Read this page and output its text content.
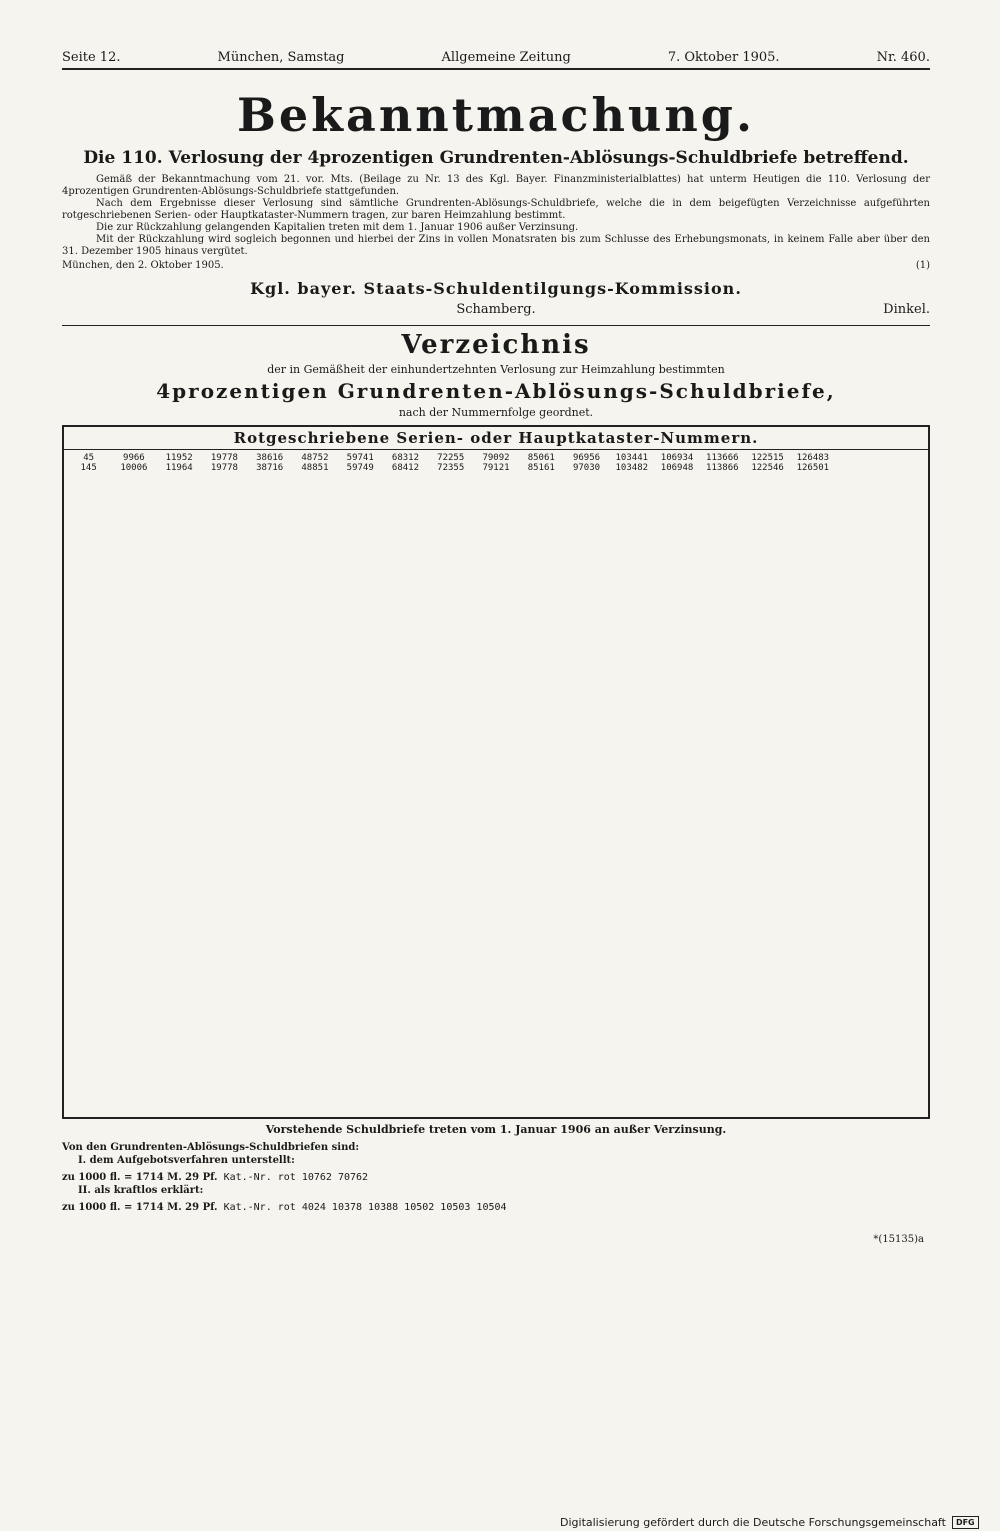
Seite 12.	München, Samstag	Allgemeine Zeitung	7. Oktober 1905.	Nr. 460.
Bekanntmachung.
Die 110. Verlosung der 4prozentigen Grundrenten-Ablösungs-Schuldbriefe betreffend.

Gemäß der Bekanntmachung vom 21. vor. Mts. (Beilage zu Nr. 13 des Kgl. Bayer. Finanzministerialblattes) hat unterm Heutigen die 110. Verlosung der 4prozentigen Grundrenten-Ablösungs-Schuldbriefe stattgefunden.

Nach dem Ergebnisse dieser Verlosung sind sämtliche Grundrenten-Ablösungs-Schuldbriefe, welche die in dem beigefügten Verzeichnisse aufgeführten rotgeschriebenen Serien- oder Hauptkataster-Nummern tragen, zur baren Heimzahlung bestimmt.

Die zur Rückzahlung gelangenden Kapitalien treten mit dem 1. Januar 1906 außer Verzinsung.

Mit der Rückzahlung wird sogleich begonnen und hierbei der Zins in vollen Monatsraten bis zum Schlusse des Erhebungsmonats, in keinem Falle aber über den 31. Dezember 1905 hinaus vergütet.

München, den 2. Oktober 1905.	(1)
Kgl. bayer. Staats-Schuldentilgungs-Kommission.
Schamberg.	Dinkel.
Verzeichnis
der in Gemäßheit der einhundertzehnten Verlosung zur Heimzahlung bestimmten
4prozentigen Grundrenten-Ablösungs-Schuldbriefe,
nach der Nummernfolge geordnet.
Rotgeschriebene Serien- oder Hauptkataster-Nummern.
45	9966	11952	19778	38616	48752	59741	68312	72255	79092	85061	96956	103441	106934	113666	122515	126483
145	10006	11964	19778	38716	48851	59749	68412	72355	79121	85161	97030	103482	106948	113866	122546	126501
Vorstehende Schuldbriefe treten vom 1. Januar 1906 an außer Verzinsung.
Von den Grundrenten-Ablösungs-Schuldbriefen sind:
I. dem Aufgebotsverfahren unterstellt:
zu 1000 fl. = 1714 M. 29 Pf. Kat.-Nr. rot 10762 70762
II. als kraftlos erklärt:
zu 1000 fl. = 1714 M. 29 Pf. Kat.-Nr. rot 4024 10378 10388 10502 10503 10504
*(15135)a
Digitalisierung gefördert durch die Deutsche Forschungsgemeinschaft	DFG
